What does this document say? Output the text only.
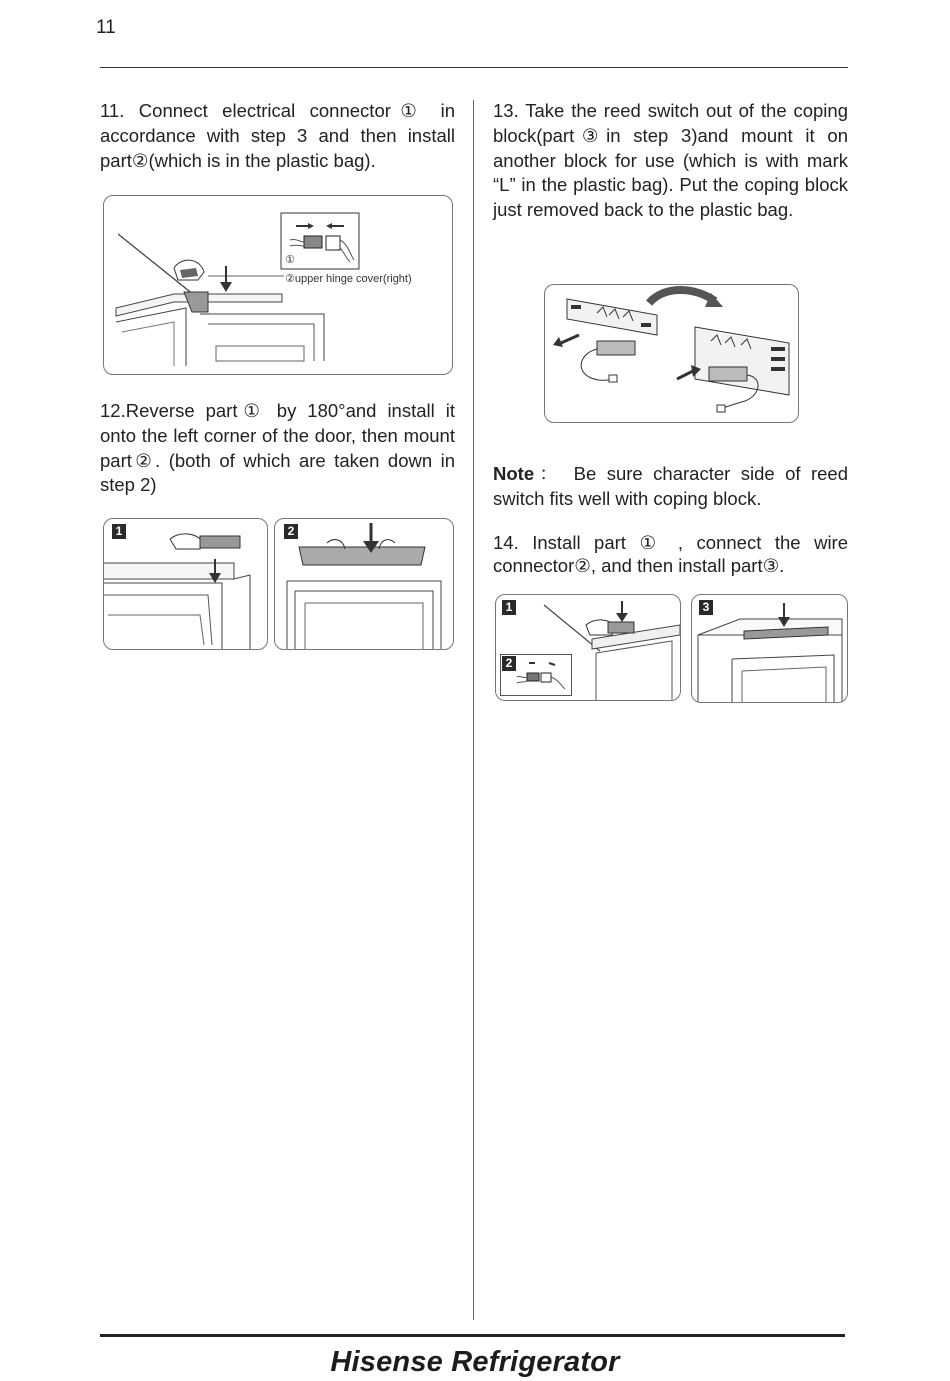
11
11. Connect electrical connector① in accordance with step 3 and then install part②(which is in the plastic bag).
①
②upper hinge cover(right)
12.Reverse part① by 180°and install it onto the left corner of the door, then mount part②. (both of which are taken down in step 2)
1	2
13. Take the reed switch out of the coping block(part③in step 3)and mount it on another block for use (which is with mark “L” in the plastic bag). Put the coping block just removed back to the plastic bag.
Note： Be sure character side of reed switch fits well with coping block.
14. Install part ① , connect the wire connector②, and then install part③.
1
2
3
Hisense Refrigerator
